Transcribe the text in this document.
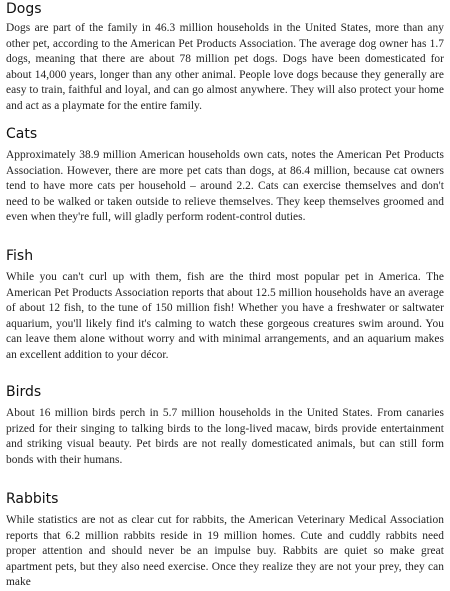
Dogs

Dogs are part of the family in 46.3 million households in the United States, more than any other pet, according to the American Pet Products Association. The average dog owner has 1.7 dogs, meaning that there are about 78 million pet dogs. Dogs have been domesticated for about 14,000 years, longer than any other animal. People love dogs because they generally are easy to train, faithful and loyal, and can go almost anywhere. They will also protect your home and act as a playmate for the entire family.

Cats

Approximately 38.9 million American households own cats, notes the American Pet Products Association. However, there are more pet cats than dogs, at 86.4 million, because cat owners tend to have more cats per household – around 2.2. Cats can exercise themselves and don't need to be walked or taken outside to relieve themselves. They keep themselves groomed and even when they're full, will gladly perform rodent-control duties.

Fish

While you can't curl up with them, fish are the third most popular pet in America. The American Pet Products Association reports that about 12.5 million households have an average of about 12 fish, to the tune of 150 million fish! Whether you have a freshwater or saltwater aquarium, you'll likely find it's calming to watch these gorgeous creatures swim around. You can leave them alone without worry and with minimal arrangements, and an aquarium makes an excellent addition to your décor.

Birds

About 16 million birds perch in 5.7 million households in the United States. From canaries prized for their singing to talking birds to the long-lived macaw, birds provide entertainment and striking visual beauty. Pet birds are not really domesticated animals, but can still form bonds with their humans.

Rabbits

While statistics are not as clear cut for rabbits, the American Veterinary Medical Association reports that 6.2 million rabbits reside in 19 million homes. Cute and cuddly rabbits need proper attention and should never be an impulse buy. Rabbits are quiet so make great apartment pets, but they also need exercise. Once they realize they are not your prey, they can make
